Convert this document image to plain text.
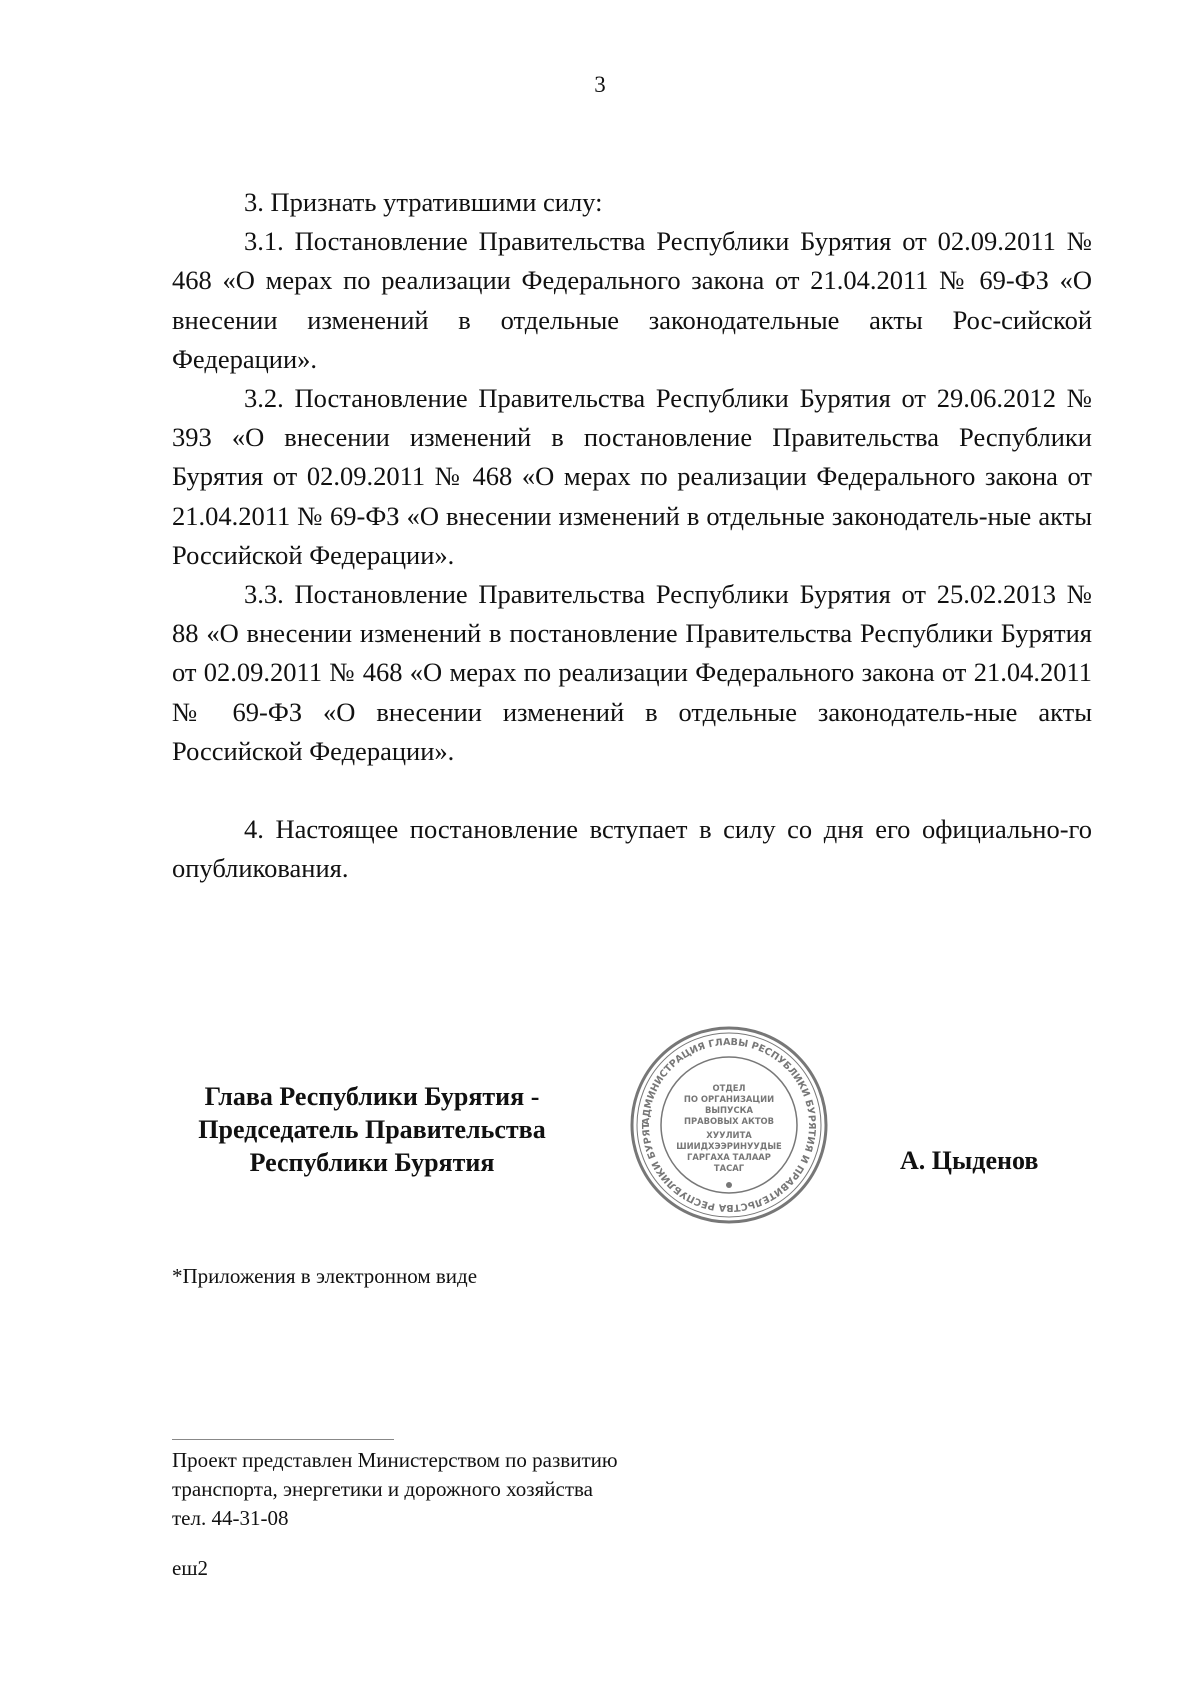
3

3. Признать утратившими силу:

3.1. Постановление Правительства Республики Бурятия от 02.09.2011 № 468 «О мерах по реализации Федерального закона от 21.04.2011 № 69-ФЗ «О внесении изменений в отдельные законодательные акты Рос-сийской Федерации».

3.2. Постановление Правительства Республики Бурятия от 29.06.2012 № 393 «О внесении изменений в постановление Правительства Республики Бурятия от 02.09.2011 № 468 «О мерах по реализации Федерального закона от 21.04.2011 № 69-ФЗ «О внесении изменений в отдельные законодатель-ные акты Российской Федерации».

3.3. Постановление Правительства Республики Бурятия от 25.02.2013 № 88 «О внесении изменений в постановление Правительства Республики Бурятия от 02.09.2011 № 468 «О мерах по реализации Федерального закона от 21.04.2011 № 69-ФЗ «О внесении изменений в отдельные законодатель-ные акты Российской Федерации».

4. Настоящее постановление вступает в силу со дня его официально-го опубликования.

Глава Республики Бурятия -
Председатель Правительства
Республики Бурятия
АДМИНИСТРАЦИЯ ГЛАВЫ РЕСПУБЛИКИ БУРЯТИЯ И ПРАВИТЕЛЬСТВА РЕСПУБЛИКИ БУРЯТ
ОТДЕЛ
ПО ОРГАНИЗАЦИИ
ВЫПУСКА
ПРАВОВЫХ АКТОВ
ХУУЛИТА
ШИИДХЭЭРИНУУДЫЕ
ГАРГАХА ТАЛААР
ТАСАГ	А. Цыденов
*Приложения в электронном виде
Проект представлен Министерством по развитию
транспорта, энергетики и дорожного хозяйства
тел. 44-31-08
еш2
